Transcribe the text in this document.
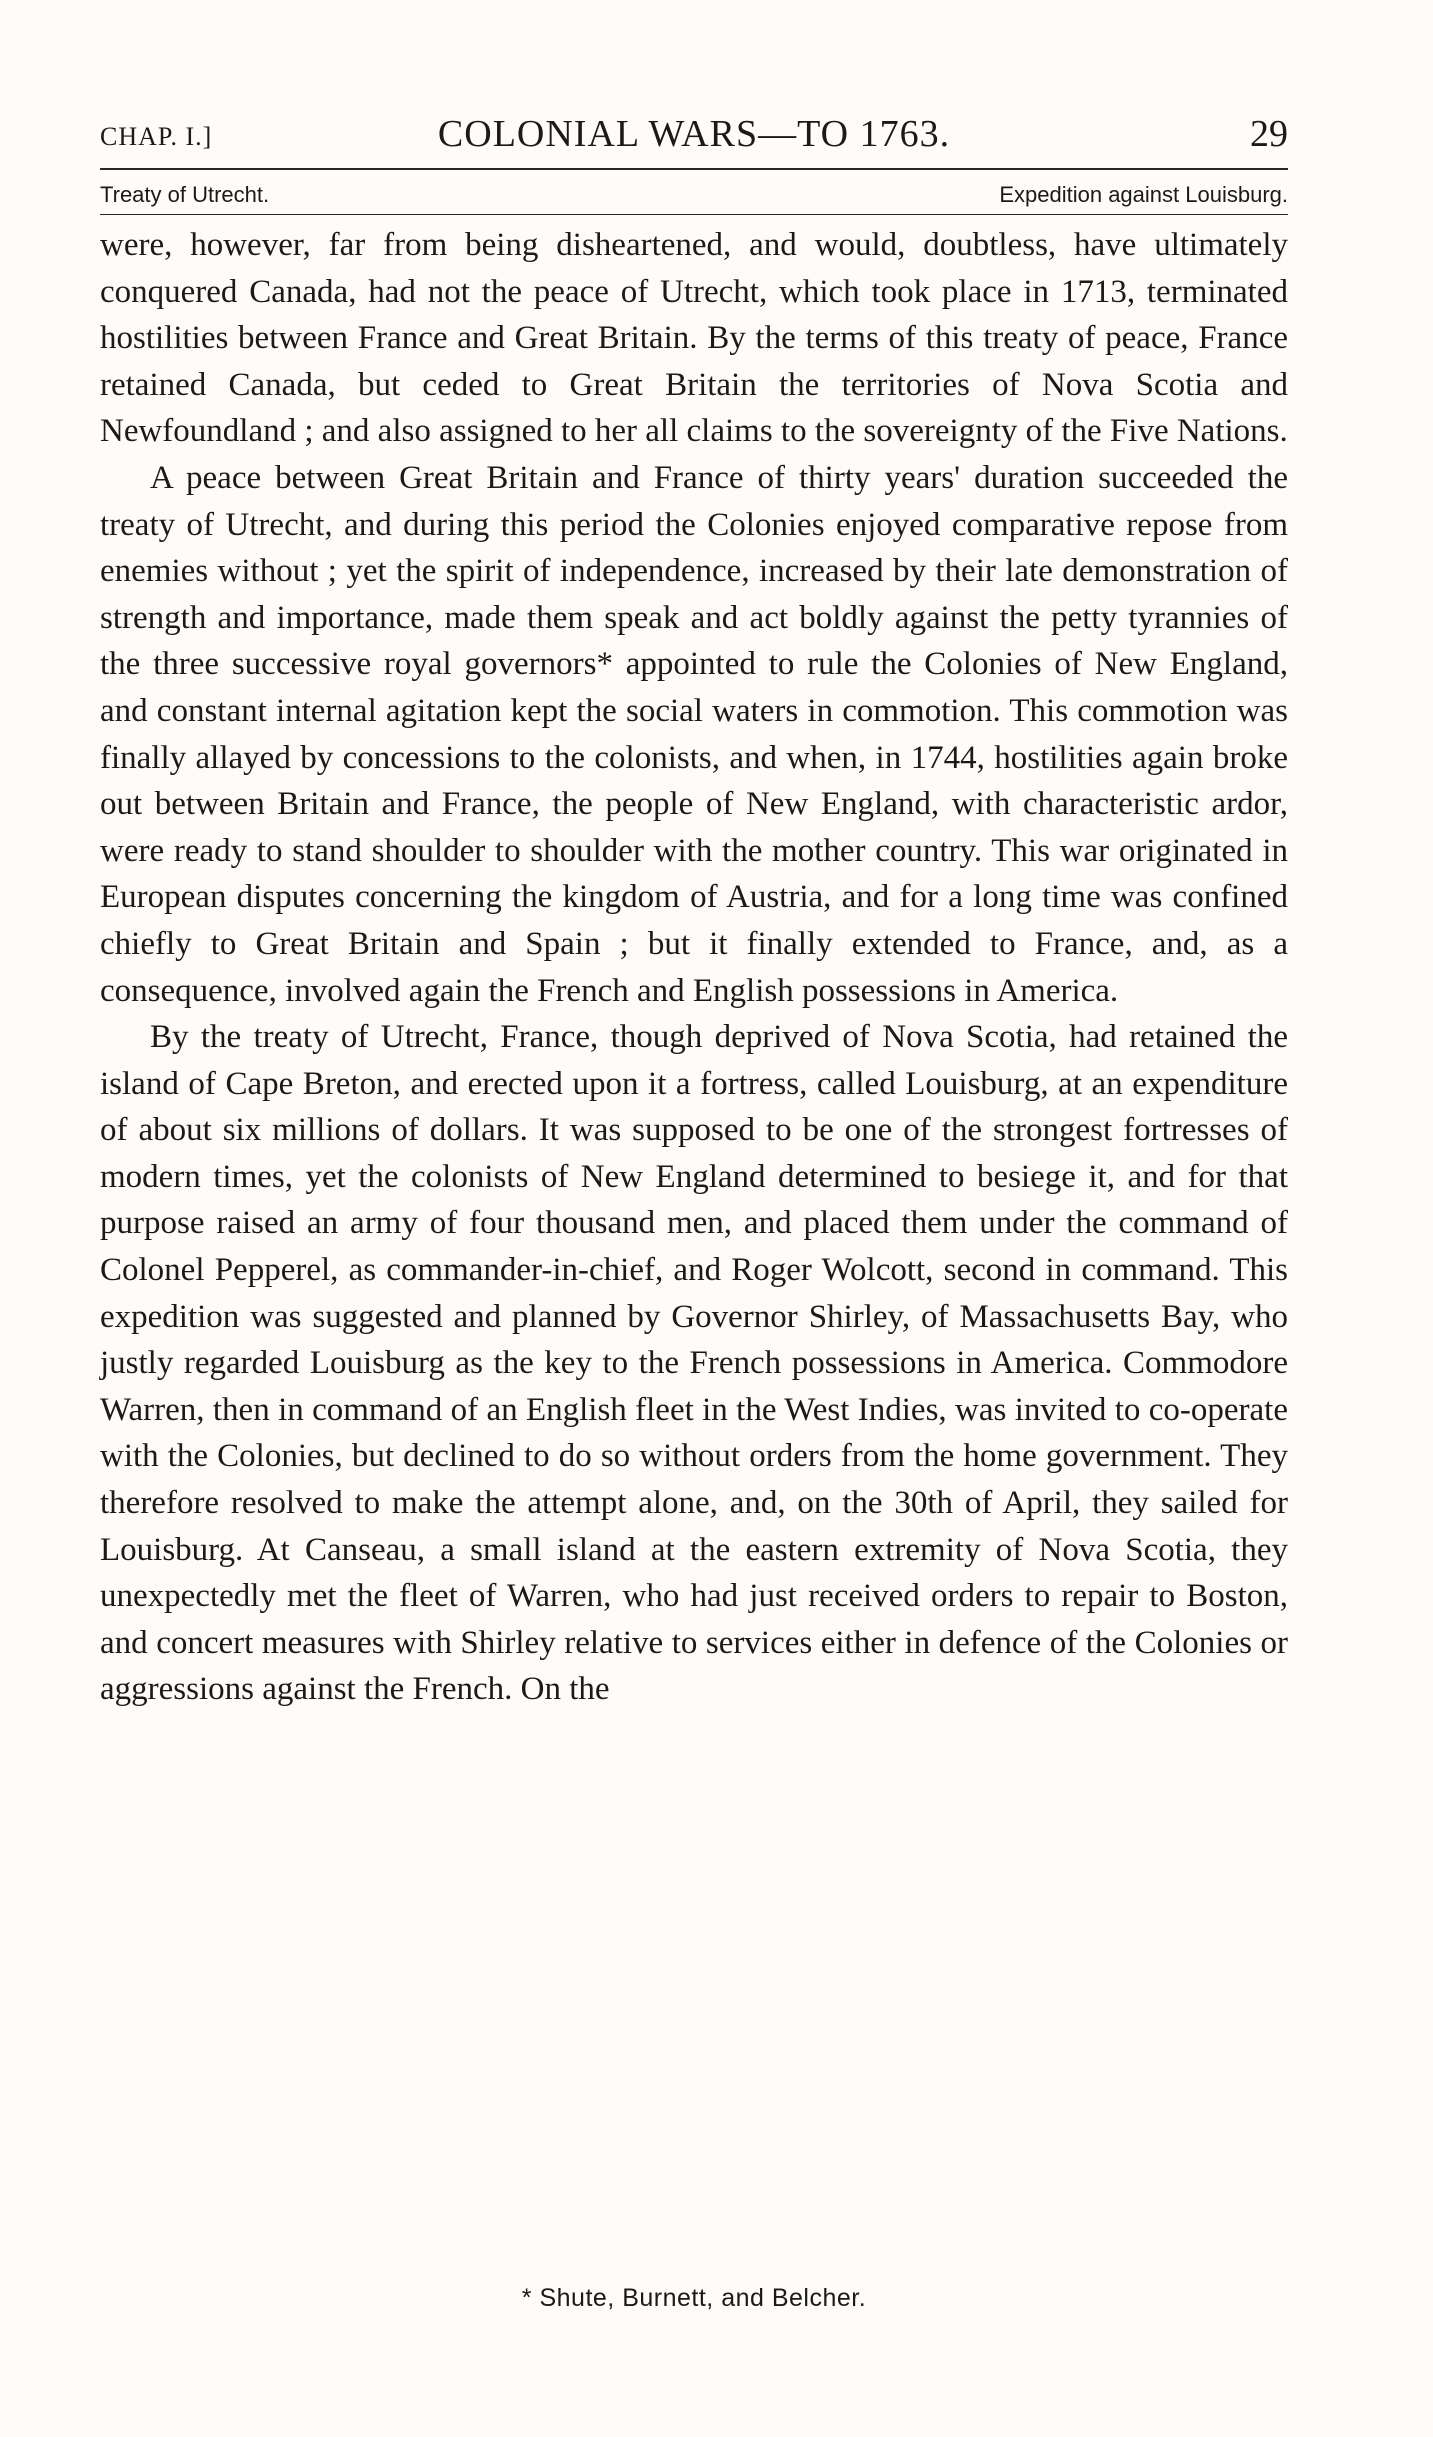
CHAP. I.]	COLONIAL WARS—TO 1763.	29
Treaty of Utrecht.	Expedition against Louisburg.

were, however, far from being disheartened, and would, doubtless, have ultimately conquered Canada, had not the peace of Utrecht, which took place in 1713, terminated hostilities between France and Great Britain. By the terms of this treaty of peace, France retained Canada, but ceded to Great Britain the territories of Nova Scotia and Newfoundland ; and also assigned to her all claims to the sovereignty of the Five Nations.

A peace between Great Britain and France of thirty years' duration succeeded the treaty of Utrecht, and during this period the Colonies enjoyed comparative repose from enemies without ; yet the spirit of independence, increased by their late demonstration of strength and importance, made them speak and act boldly against the petty tyrannies of the three successive royal governors* appointed to rule the Colonies of New England, and constant internal agitation kept the social waters in commotion. This commotion was finally allayed by concessions to the colonists, and when, in 1744, hostilities again broke out between Britain and France, the people of New England, with characteristic ardor, were ready to stand shoulder to shoulder with the mother country. This war originated in European disputes concerning the kingdom of Austria, and for a long time was confined chiefly to Great Britain and Spain ; but it finally extended to France, and, as a consequence, involved again the French and English possessions in America.

By the treaty of Utrecht, France, though deprived of Nova Scotia, had retained the island of Cape Breton, and erected upon it a fortress, called Louisburg, at an expenditure of about six millions of dollars. It was supposed to be one of the strongest fortresses of modern times, yet the colonists of New England determined to besiege it, and for that purpose raised an army of four thousand men, and placed them under the command of Colonel Pepperel, as commander-in-chief, and Roger Wolcott, second in command. This expedition was suggested and planned by Governor Shirley, of Massachusetts Bay, who justly regarded Louisburg as the key to the French possessions in America. Commodore Warren, then in command of an English fleet in the West Indies, was invited to co-operate with the Colonies, but declined to do so without orders from the home government. They therefore resolved to make the attempt alone, and, on the 30th of April, they sailed for Louisburg. At Canseau, a small island at the eastern extremity of Nova Scotia, they unexpectedly met the fleet of Warren, who had just received orders to repair to Boston, and concert measures with Shirley relative to services either in defence of the Colonies or aggressions against the French. On the

* Shute, Burnett, and Belcher.
